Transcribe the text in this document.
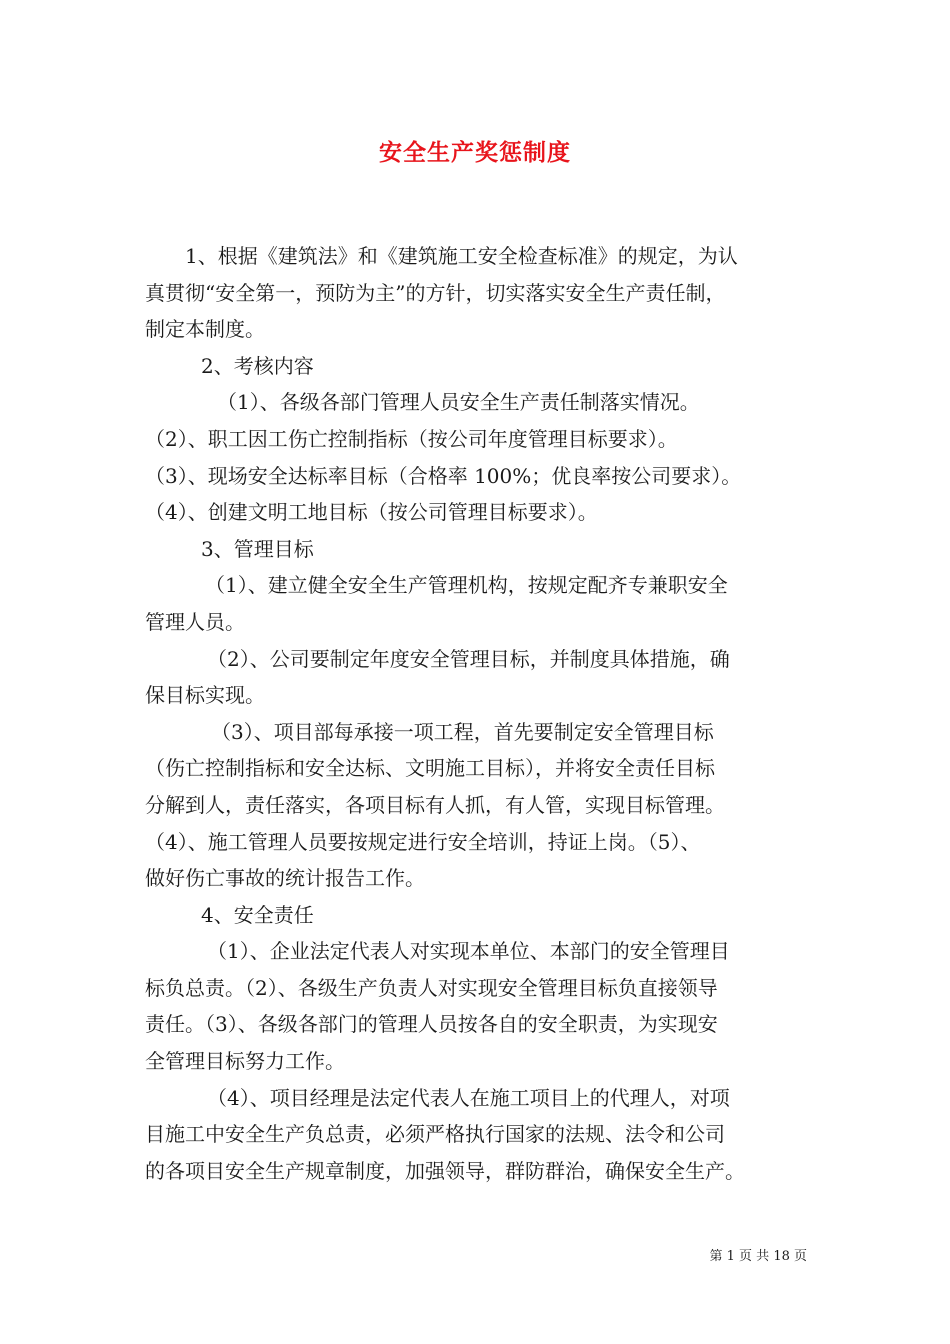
安全生产奖惩制度

1、根据《建筑法》和《建筑施工安全检查标准》的规定，为认

真贯彻“安全第一，预防为主”的方针，切实落实安全生产责任制，

制定本制度。

2、考核内容

（1）、各级各部门管理人员安全生产责任制落实情况。

（2）、职工因工伤亡控制指标（按公司年度管理目标要求）。

（3）、现场安全达标率目标（合格率 100%；优良率按公司要求）。

（4）、创建文明工地目标（按公司管理目标要求）。

3、管理目标

（1）、建立健全安全生产管理机构，按规定配齐专兼职安全

管理人员。

（2）、公司要制定年度安全管理目标，并制度具体措施，确

保目标实现。

（3）、项目部每承接一项工程，首先要制定安全管理目标

（伤亡控制指标和安全达标、文明施工目标），并将安全责任目标

分解到人，责任落实，各项目标有人抓，有人管，实现目标管理。

（4）、施工管理人员要按规定进行安全培训，持证上岗。（5）、

做好伤亡事故的统计报告工作。

4、安全责任

（1）、企业法定代表人对实现本单位、本部门的安全管理目

标负总责。（2）、各级生产负责人对实现安全管理目标负直接领导

责任。（3）、各级各部门的管理人员按各自的安全职责，为实现安

全管理目标努力工作。

（4）、项目经理是法定代表人在施工项目上的代理人，对项

目施工中安全生产负总责，必须严格执行国家的法规、法令和公司

的各项目安全生产规章制度，加强领导，群防群治，确保安全生产。

第 1 页 共 18 页
